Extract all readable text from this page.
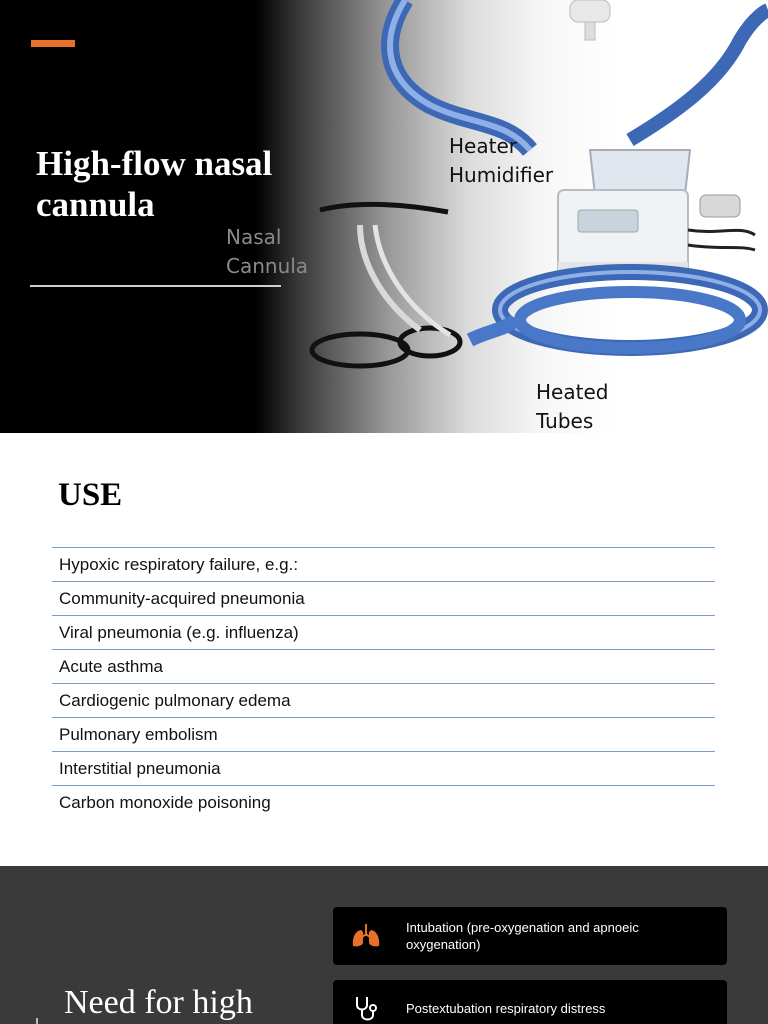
Nasal Cannula
Heater Humidifier
Heated Tubes
High-flow nasal cannula
USE
Hypoxic respiratory failure, e.g.:
Community-acquired pneumonia
Viral pneumonia (e.g. influenza)
Acute asthma
Cardiogenic pulmonary edema
Pulmonary embolism
Interstitial pneumonia
Carbon monoxide poisoning
Intubation (pre-oxygenation and apnoeic oxygenation)
Postextubation respiratory distress
Need for high
